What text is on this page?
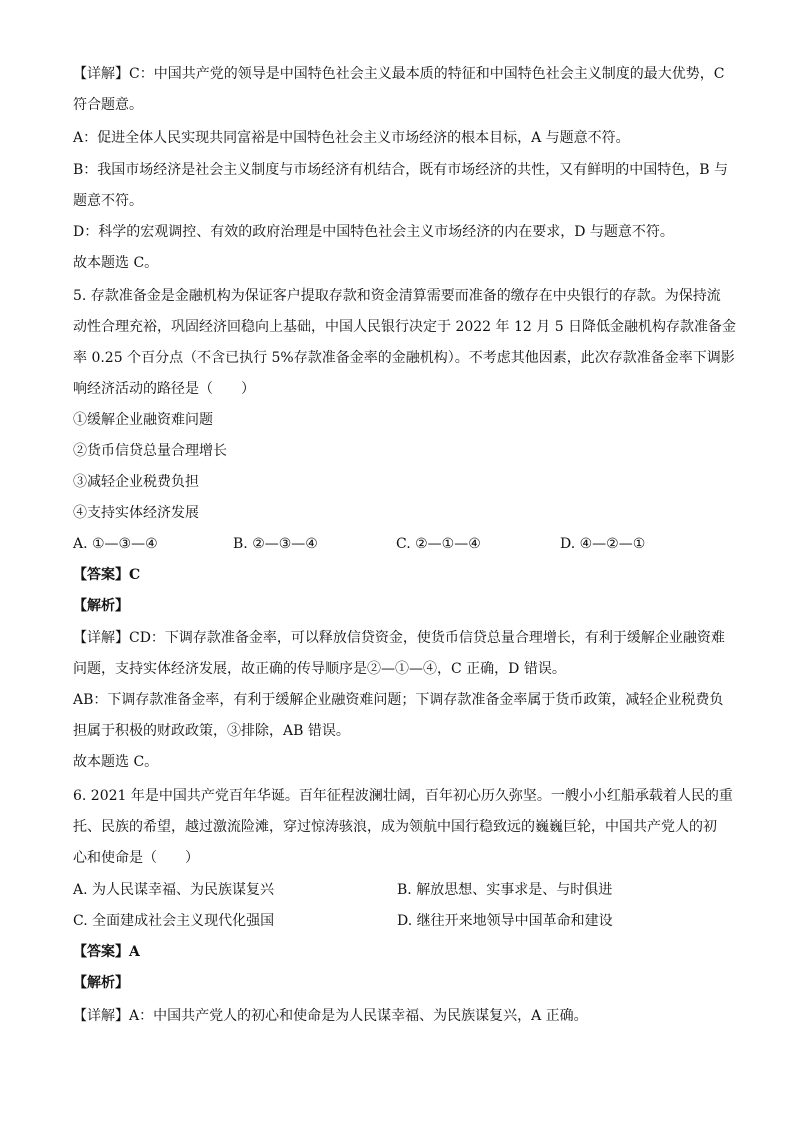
【详解】C：中国共产党的领导是中国特色社会主义最本质的特征和中国特色社会主义制度的最大优势，C
符合题意。
A：促进全体人民实现共同富裕是中国特色社会主义市场经济的根本目标，A 与题意不符。
B：我国市场经济是社会主义制度与市场经济有机结合，既有市场经济的共性，又有鲜明的中国特色，B 与
题意不符。
D：科学的宏观调控、有效的政府治理是中国特色社会主义市场经济的内在要求，D 与题意不符。
故本题选 C。
5. 存款准备金是金融机构为保证客户提取存款和资金清算需要而准备的缴存在中央银行的存款。为保持流
动性合理充裕，巩固经济回稳向上基础，中国人民银行决定于 2022 年 12 月 5 日降低金融机构存款准备金
率 0.25 个百分点（不含已执行 5%存款准备金率的金融机构）。不考虑其他因素，此次存款准备金率下调影
响经济活动的路径是（　　）
①缓解企业融资难问题
②货币信贷总量合理增长
③减轻企业税费负担
④支持实体经济发展
A. ①—③—④	B. ②—③—④	C. ②—①—④	D. ④—②—①
【答案】C
【解析】
【详解】CD：下调存款准备金率，可以释放信贷资金，使货币信贷总量合理增长，有利于缓解企业融资难
问题，支持实体经济发展，故正确的传导顺序是②—①—④，C 正确，D 错误。
AB：下调存款准备金率，有利于缓解企业融资难问题；下调存款准备金率属于货币政策，减轻企业税费负
担属于积极的财政政策，③排除，AB 错误。
故本题选 C。
6. 2021 年是中国共产党百年华诞。百年征程波澜壮阔，百年初心历久弥坚。一艘小小红船承载着人民的重
托、民族的希望，越过激流险滩，穿过惊涛骇浪，成为领航中国行稳致远的巍巍巨轮，中国共产党人的初
心和使命是（　　）
A. 为人民谋幸福、为民族谋复兴	B. 解放思想、实事求是、与时俱进
C. 全面建成社会主义现代化强国	D. 继往开来地领导中国革命和建设
【答案】A
【解析】
【详解】A：中国共产党人的初心和使命是为人民谋幸福、为民族谋复兴，A 正确。
